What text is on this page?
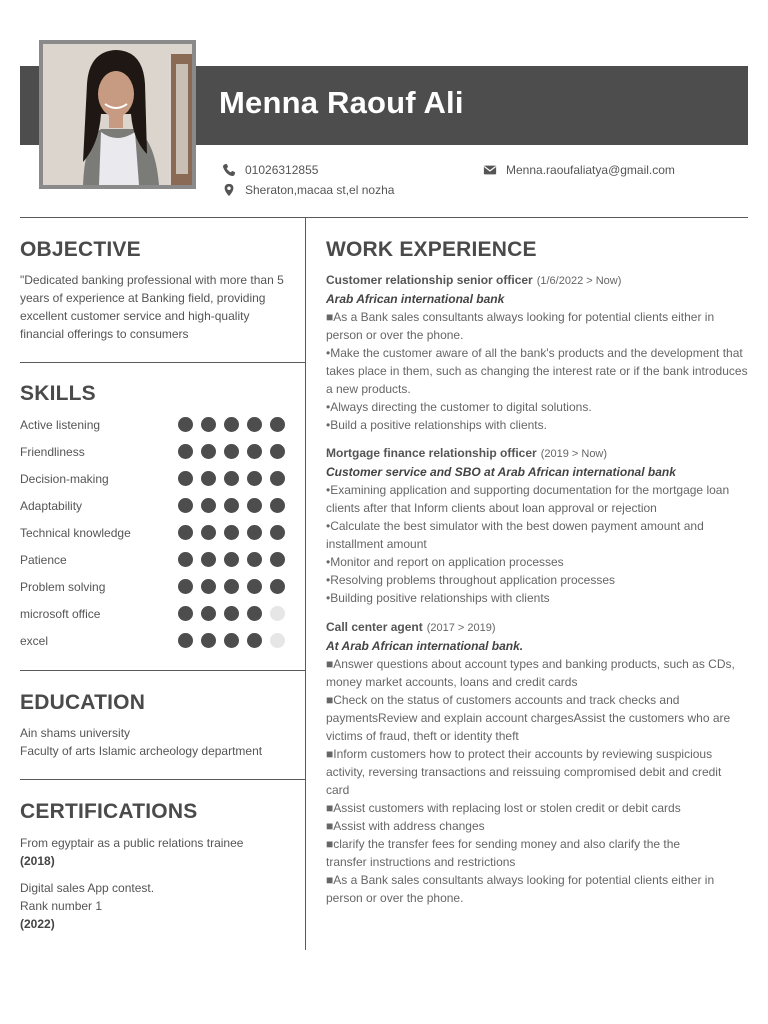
Menna Raouf Ali
01026312855	Menna.raoufaliatya@gmail.com
Sheraton,macaa st,el nozha
OBJECTIVE
"Dedicated banking professional with more than 5
years of experience at Banking field, providing
excellent customer service and high-quality
financial offerings to consumers
SKILLS
Active listening
Friendliness
Decision-making
Adaptability
Technical knowledge
Patience
Problem solving
microsoft office
excel
EDUCATION
Ain shams university
Faculty of arts Islamic archeology department
CERTIFICATIONS
From egyptair as a public relations trainee
(2018)
Digital sales App contest.
Rank number 1
(2022)
WORK EXPERIENCE
Customer relationship senior officer (1/6/2022 > Now)
Arab African international bank
■As a Bank sales consultants always looking for potential clients either in
person or over the phone.
•Make the customer aware of all the bank's products and the development that
takes place in them, such as changing the interest rate or if the bank introduces
a new products.
•Always directing the customer to digital solutions.
•Build a positive relationships with clients.
Mortgage finance relationship officer (2019 > Now)
Customer service and SBO at Arab African international bank
•Examining application and supporting documentation for the mortgage loan
clients after that Inform clients about loan approval or rejection
•Calculate the best simulator with the best dowen payment amount and
installment amount
•Monitor and report on application processes
•Resolving problems throughout application processes
•Building positive relationships with clients
Call center agent (2017 > 2019)
At Arab African international bank.
■Answer questions about account types and banking products, such as CDs,
money market accounts, loans and credit cards
■Check on the status of customers accounts and track checks and
paymentsReview and explain account chargesAssist the customers who are
victims of fraud, theft or identity theft
■Inform customers how to protect their accounts by reviewing suspicious
activity, reversing transactions and reissuing compromised debit and credit
card
■Assist customers with replacing lost or stolen credit or debit cards
■Assist with address changes
■clarify the transfer fees for sending money and also clarify the the
transfer instructions and restrictions
■As a Bank sales consultants always looking for potential clients either in
person or over the phone.
